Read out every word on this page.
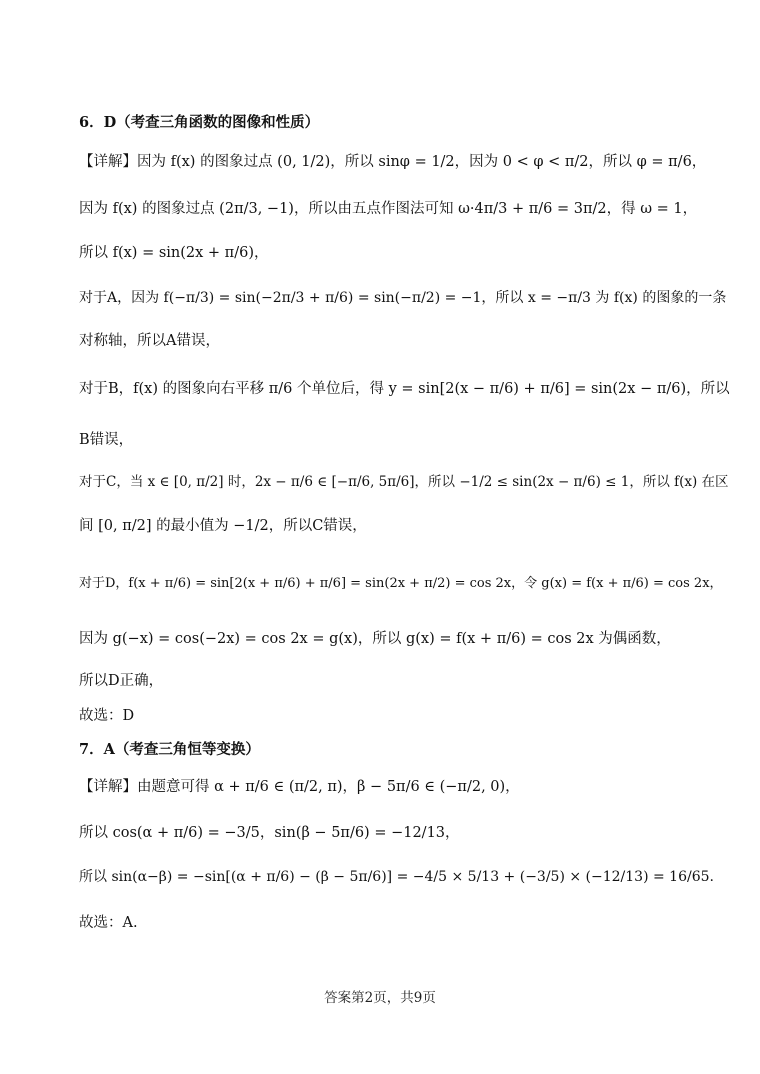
6．D（考查三角函数的图像和性质）
【详解】因为 f(x) 的图象过点 (0, 1/2)，所以 sinφ = 1/2，因为 0 < φ < π/2，所以 φ = π/6，
因为 f(x) 的图象过点 (2π/3, −1)，所以由五点作图法可知 ω·4π/3 + π/6 = 3π/2，得 ω = 1，
所以 f(x) = sin(2x + π/6)，
对于A，因为 f(−π/3) = sin(−2π/3 + π/6) = sin(−π/2) = −1，所以 x = −π/3 为 f(x) 的图象的一条
对称轴，所以A错误，
对于B，f(x) 的图象向右平移 π/6 个单位后，得 y = sin[2(x − π/6) + π/6] = sin(2x − π/6)，所以
B错误，
对于C，当 x ∈ [0, π/2] 时，2x − π/6 ∈ [−π/6, 5π/6]，所以 −1/2 ≤ sin(2x − π/6) ≤ 1，所以 f(x) 在区
间 [0, π/2] 的最小值为 −1/2，所以C错误，
对于D，f(x + π/6) = sin[2(x + π/6) + π/6] = sin(2x + π/2) = cos 2x，令 g(x) = f(x + π/6) = cos 2x，
因为 g(−x) = cos(−2x) = cos 2x = g(x)，所以 g(x) = f(x + π/6) = cos 2x 为偶函数，
所以D正确，
故选：D
7．A（考查三角恒等变换）
【详解】由题意可得 α + π/6 ∈ (π/2, π)，β − 5π/6 ∈ (−π/2, 0)，
所以 cos(α + π/6) = −3/5，sin(β − 5π/6) = −12/13，
所以 sin(α−β) = −sin[(α + π/6) − (β − 5π/6)] = −4/5 × 5/13 + (−3/5) × (−12/13) = 16/65.
故选：A.
答案第2页，共9页
